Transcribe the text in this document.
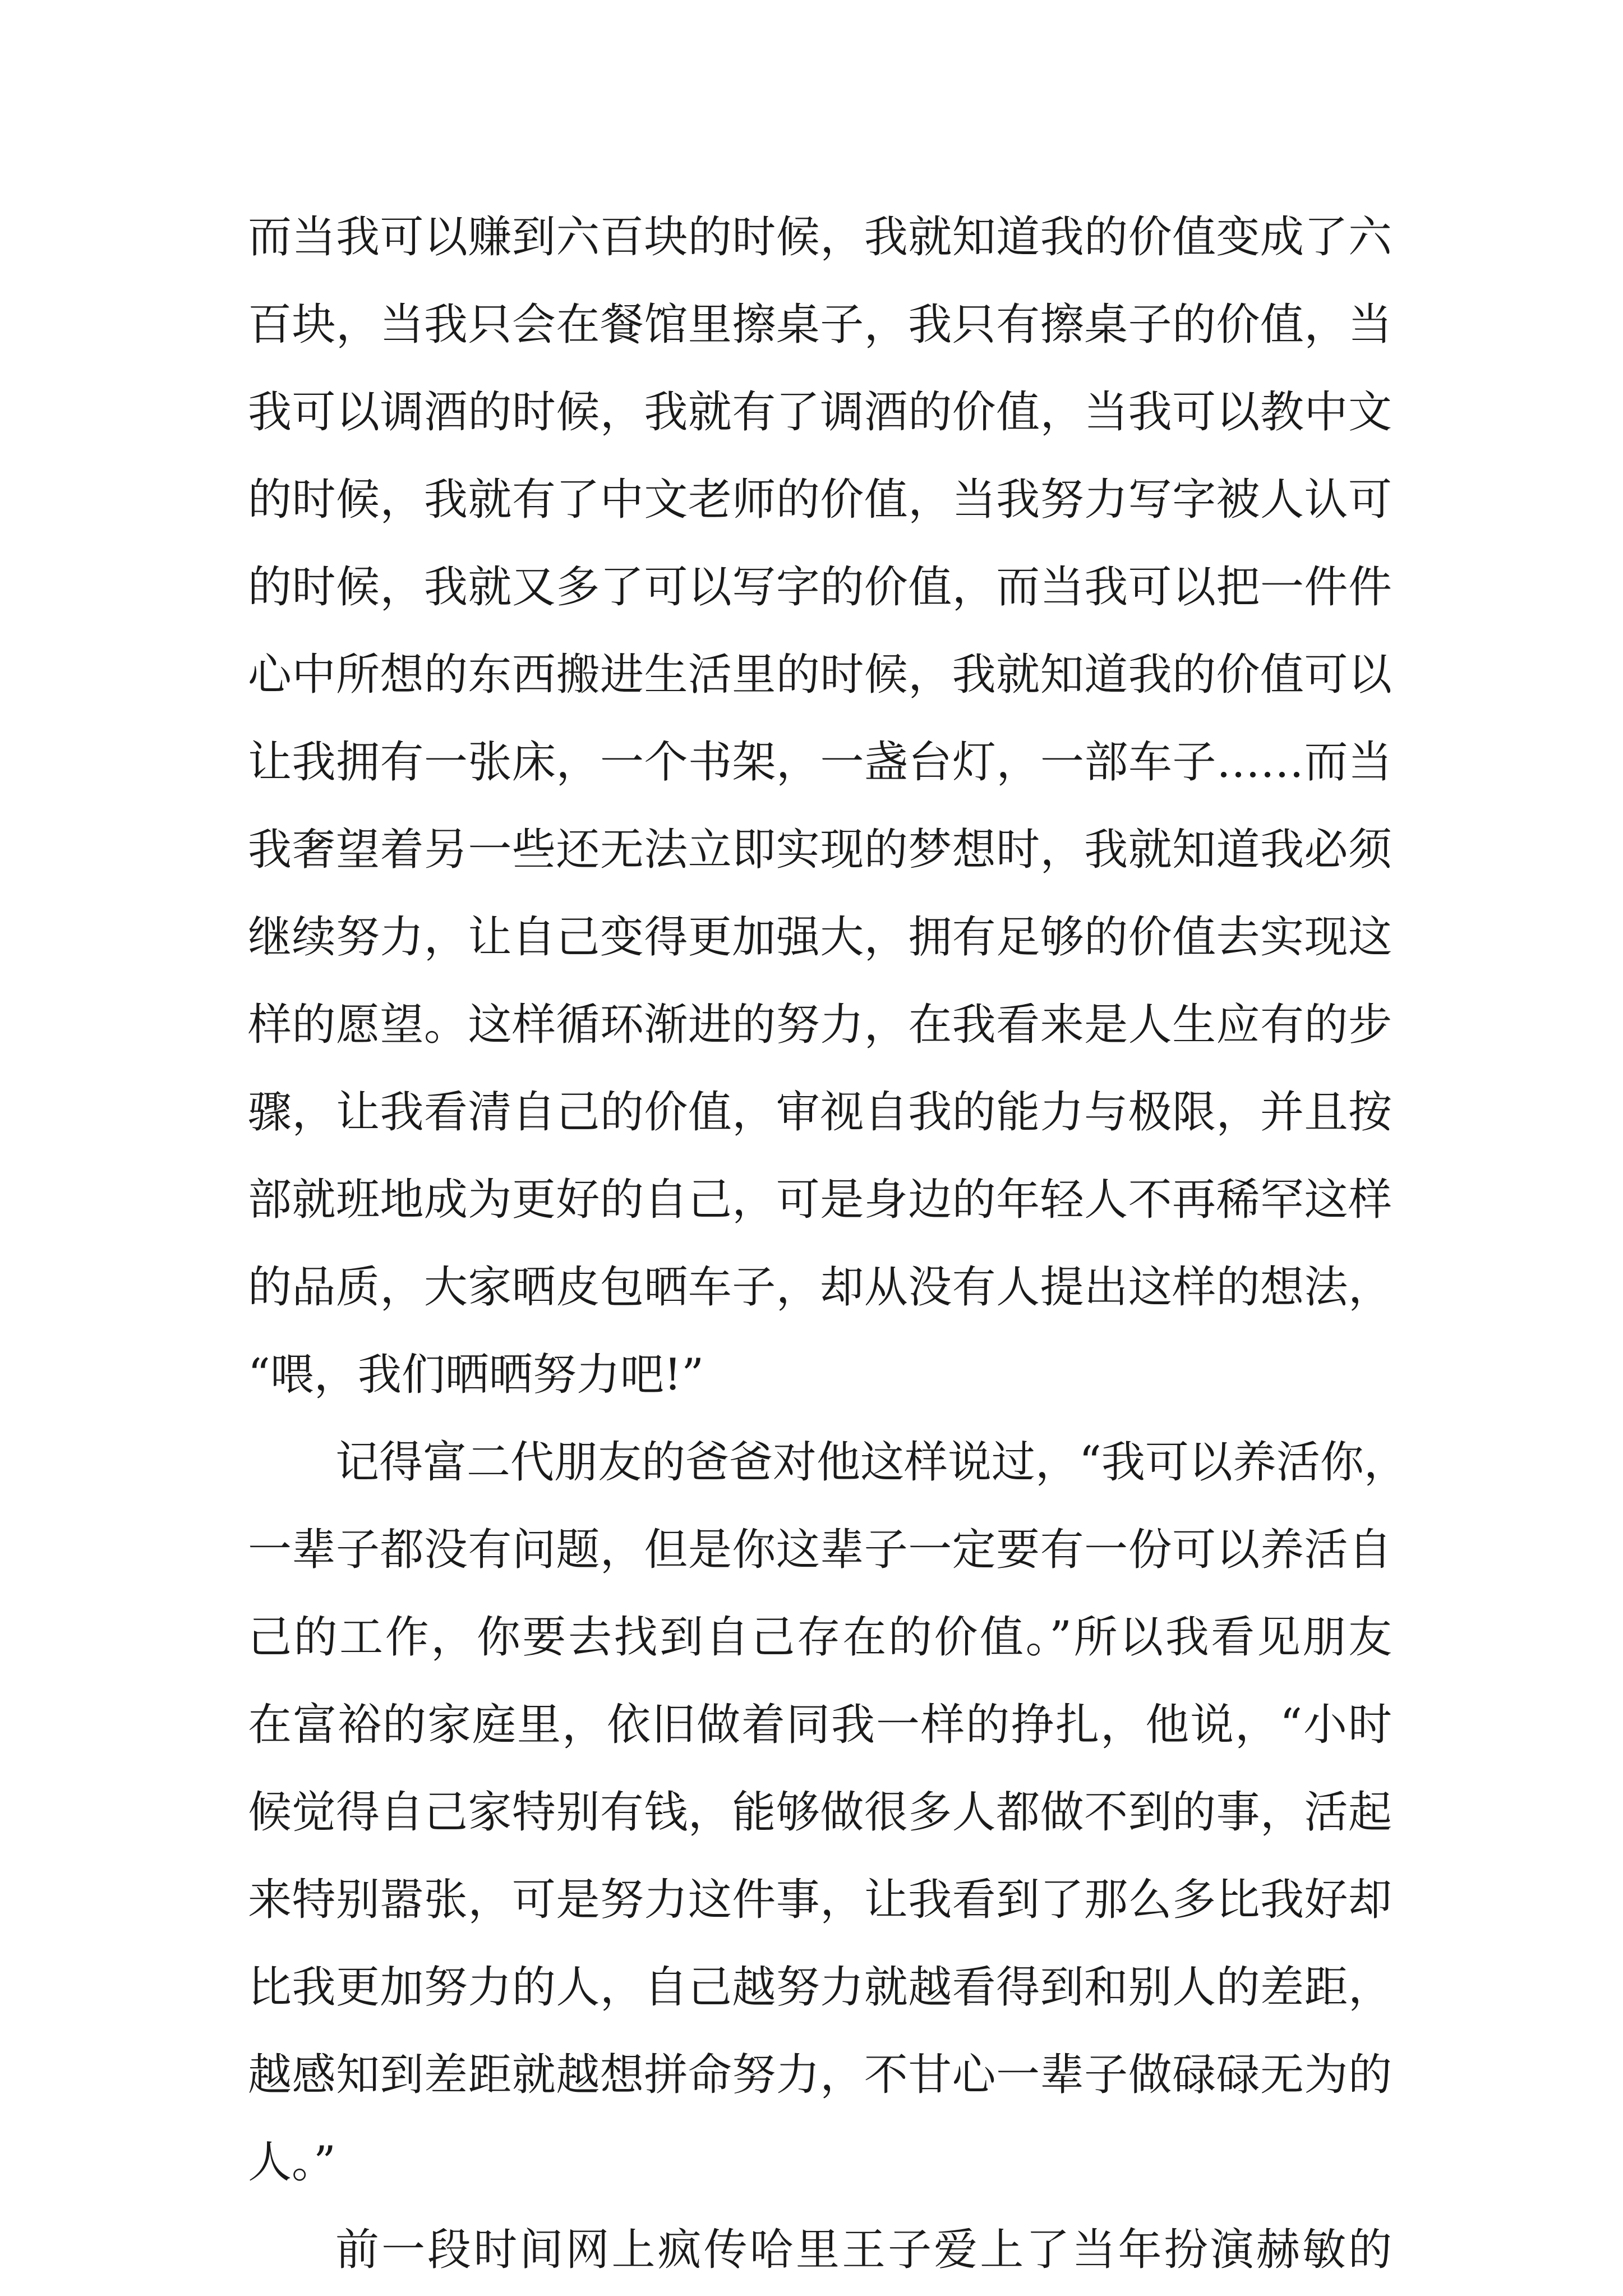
而当我可以赚到六百块的时候，我就知道我的价值变成了六
百块，当我只会在餐馆里擦桌子，我只有擦桌子的价值，当
我可以调酒的时候，我就有了调酒的价值，当我可以教中文
的时候，我就有了中文老师的价值，当我努力写字被人认可
的时候，我就又多了可以写字的价值，而当我可以把一件件
心中所想的东西搬进生活里的时候，我就知道我的价值可以
让我拥有一张床，一个书架，一盏台灯，一部车子……而当
我奢望着另一些还无法立即实现的梦想时，我就知道我必须
继续努力，让自己变得更加强大，拥有足够的价值去实现这
样的愿望。这样循环渐进的努力，在我看来是人生应有的步
骤，让我看清自己的价值，审视自我的能力与极限，并且按
部就班地成为更好的自己，可是身边的年轻人不再稀罕这样
的品质，大家晒皮包晒车子，却从没有人提出这样的想法，
“喂，我们晒晒努力吧!”
记得富二代朋友的爸爸对他这样说过，“我可以养活你，
一辈子都没有问题，但是你这辈子一定要有一份可以养活自
己的工作，你要去找到自己存在的价值。”所以我看见朋友
在富裕的家庭里，依旧做着同我一样的挣扎，他说，“小时
候觉得自己家特别有钱，能够做很多人都做不到的事，活起
来特别嚣张，可是努力这件事，让我看到了那么多比我好却
比我更加努力的人，自己越努力就越看得到和别人的差距，
越感知到差距就越想拼命努力，不甘心一辈子做碌碌无为的
人。”
前一段时间网上疯传哈里王子爱上了当年扮演赫敏的
